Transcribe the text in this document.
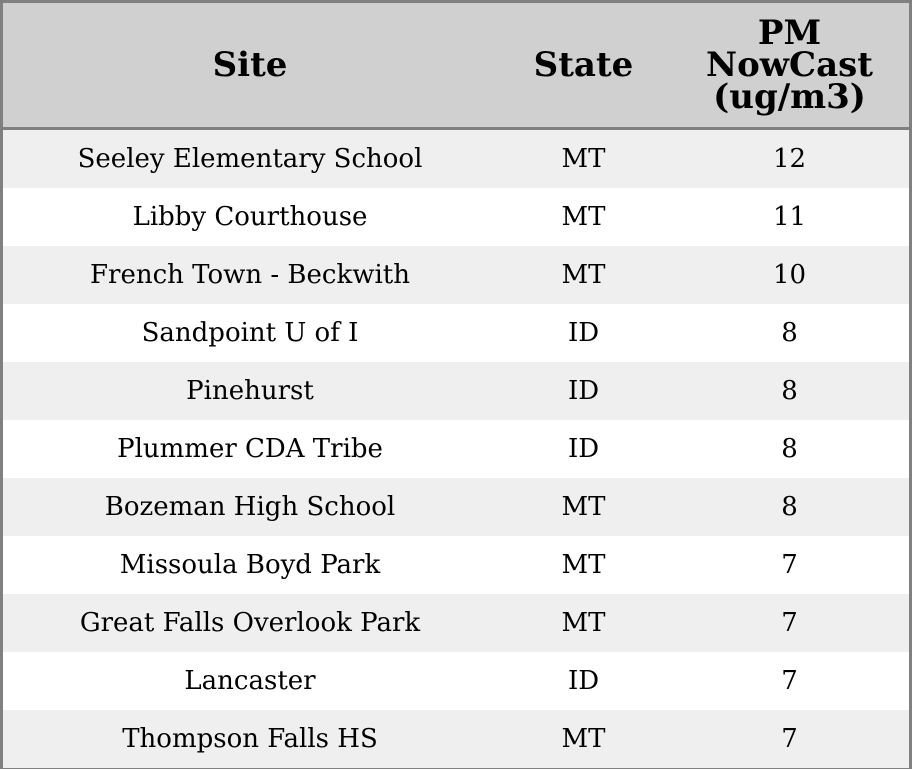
Site	State	PM
NowCast
(ug/m3)

Seeley Elementary School	MT	12
Libby Courthouse	MT	11
French Town - Beckwith	MT	10
Sandpoint U of I	ID	8
Pinehurst	ID	8
Plummer CDA Tribe	ID	8
Bozeman High School	MT	8
Missoula Boyd Park	MT	7
Great Falls Overlook Park	MT	7
Lancaster	ID	7
Thompson Falls HS	MT	7
